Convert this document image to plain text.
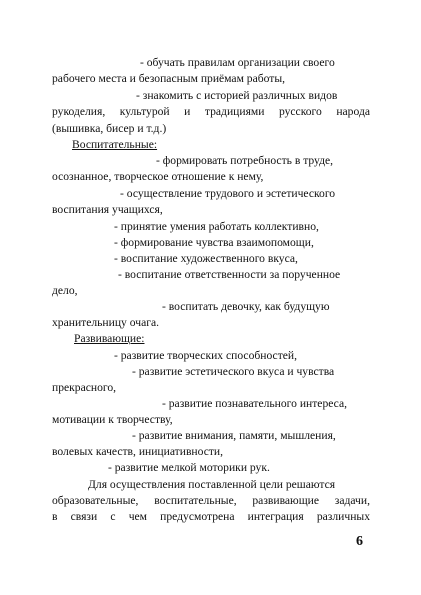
- обучать правилам организации своего
рабочего места и безопасным приёмам работы,
- знакомить с историей различных видов
рукоделия, культурой и традициями русского народа
(вышивка, бисер и т.д.)
Воспитательные:
- формировать потребность в труде,
осознанное, творческое отношение к нему,
- осуществление трудового и эстетического
воспитания учащихся,
- принятие умения работать коллективно,
- формирование чувства взаимопомощи,
- воспитание художественного вкуса,
- воспитание ответственности за порученное
дело,
- воспитать девочку, как будущую
хранительницу очага.
Развивающие:
- развитие творческих способностей,
- развитие эстетического вкуса и чувства
прекрасного,
- развитие познавательного интереса,
мотивации к творчеству,
- развитие внимания, памяти, мышления,
волевых качеств, инициативности,
- развитие мелкой моторики рук.
Для осуществления поставленной цели решаются
образовательные, воспитательные, развивающие задачи,
в связи с чем предусмотрена интеграция различных
6
